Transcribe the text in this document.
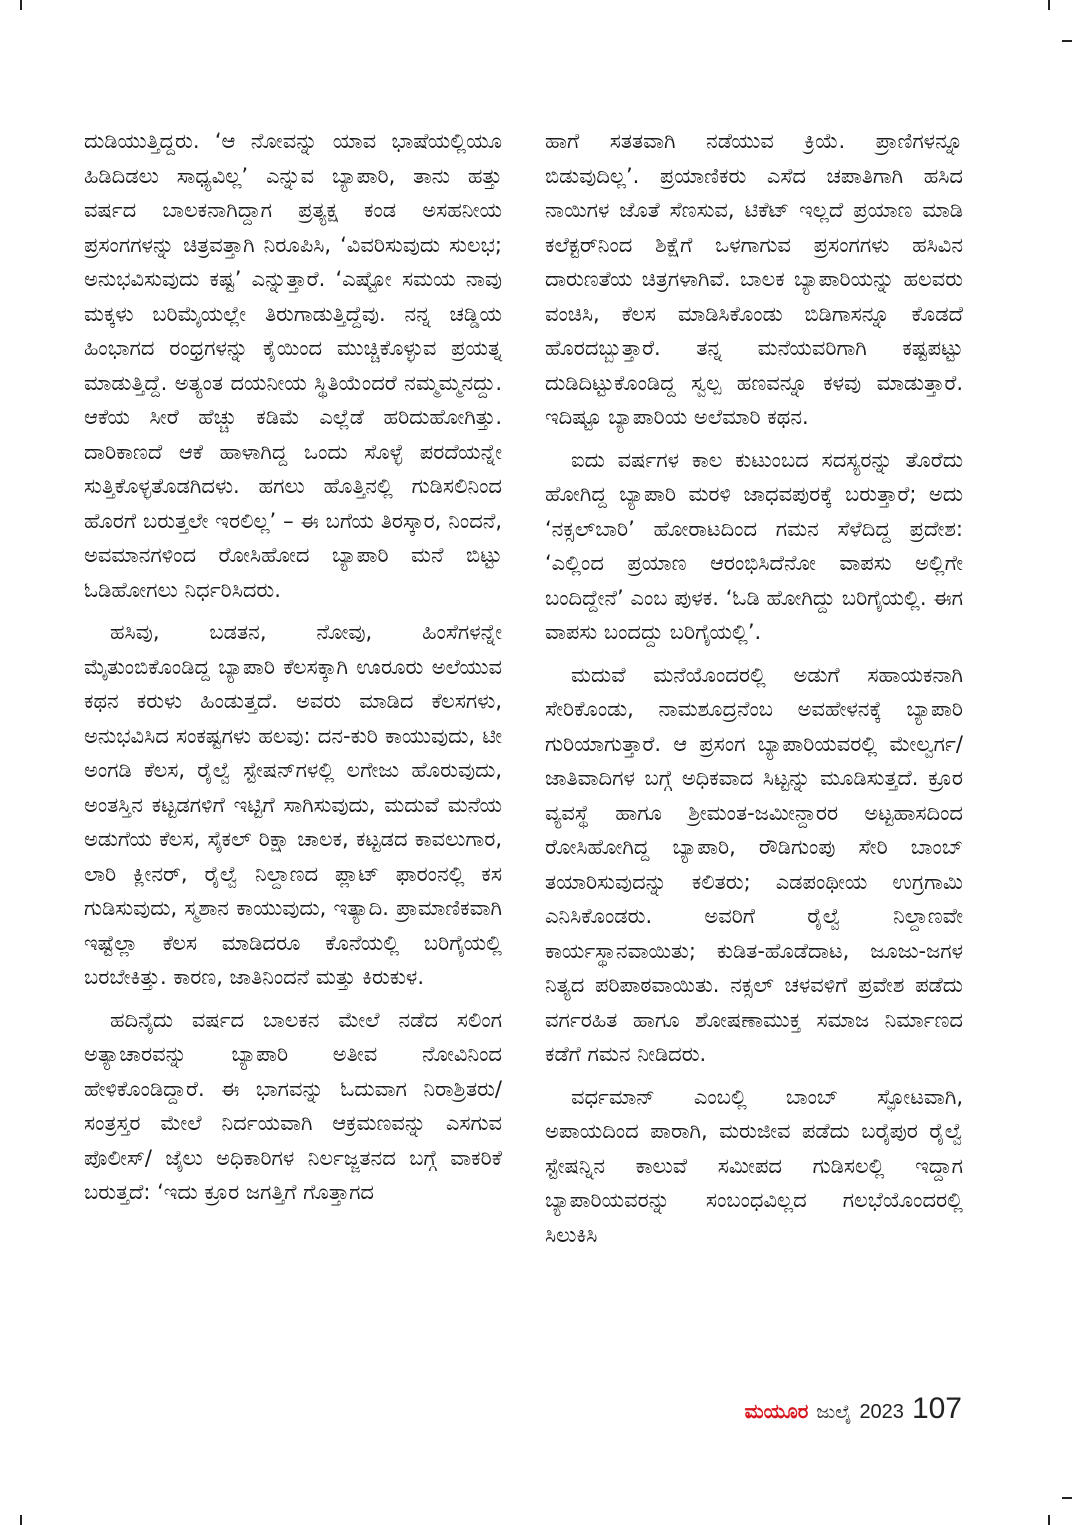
ದುಡಿಯುತ್ತಿದ್ದರು. ‘ಆ ನೋವನ್ನು ಯಾವ ಭಾಷೆಯಲ್ಲಿಯೂ ಹಿಡಿದಿಡಲು ಸಾಧ್ಯವಿಲ್ಲ’ ಎನ್ನುವ ಬ್ಯಾಪಾರಿ, ತಾನು ಹತ್ತು ವರ್ಷದ ಬಾಲಕನಾಗಿದ್ದಾಗ ಪ್ರತ್ಯಕ್ಷ ಕಂಡ ಅಸಹನೀಯ ಪ್ರಸಂಗಗಳನ್ನು ಚಿತ್ರವತ್ತಾಗಿ ನಿರೂಪಿಸಿ, ‘ವಿವರಿಸುವುದು ಸುಲಭ; ಅನುಭವಿಸುವುದು ಕಷ್ಟ’ ಎನ್ನುತ್ತಾರೆ. ‘ಎಷ್ಟೋ ಸಮಯ ನಾವು ಮಕ್ಕಳು ಬರಿಮೈಯಲ್ಲೇ ತಿರುಗಾಡುತ್ತಿದ್ದೆವು. ನನ್ನ ಚಡ್ಡಿಯ ಹಿಂಭಾಗದ ರಂಧ್ರಗಳನ್ನು ಕೈಯಿಂದ ಮುಚ್ಚಿಕೊಳ್ಳುವ ಪ್ರಯತ್ನ ಮಾಡುತ್ತಿದ್ದೆ. ಅತ್ಯಂತ ದಯನೀಯ ಸ್ಥಿತಿಯೆಂದರೆ ನಮ್ಮಮ್ಮನದ್ದು. ಆಕೆಯ ಸೀರೆ ಹೆಚ್ಚು ಕಡಿಮೆ ಎಲ್ಲೆಡೆ ಹರಿದುಹೋಗಿತ್ತು. ದಾರಿಕಾಣದೆ ಆಕೆ ಹಾಳಾಗಿದ್ದ ಒಂದು ಸೊಳ್ಳೆ ಪರದೆಯನ್ನೇ ಸುತ್ತಿಕೊಳ್ಳತೊಡಗಿದಳು. ಹಗಲು ಹೊತ್ತಿನಲ್ಲಿ ಗುಡಿಸಲಿನಿಂದ ಹೊರಗೆ ಬರುತ್ತಲೇ ಇರಲಿಲ್ಲ’ – ಈ ಬಗೆಯ ತಿರಸ್ಕಾರ, ನಿಂದನೆ, ಅವಮಾನಗಳಿಂದ ರೋಸಿಹೋದ ಬ್ಯಾಪಾರಿ ಮನೆ ಬಿಟ್ಟು ಓಡಿಹೋಗಲು ನಿರ್ಧರಿಸಿದರು.

ಹಸಿವು, ಬಡತನ, ನೋವು, ಹಿಂಸೆಗಳನ್ನೇ ಮೈತುಂಬಿಕೊಂಡಿದ್ದ ಬ್ಯಾಪಾರಿ ಕೆಲಸಕ್ಕಾಗಿ ಊರೂರು ಅಲೆಯುವ ಕಥನ ಕರುಳು ಹಿಂಡುತ್ತದೆ. ಅವರು ಮಾಡಿದ ಕೆಲಸಗಳು, ಅನುಭವಿಸಿದ ಸಂಕಷ್ಟಗಳು ಹಲವು: ದನ-ಕುರಿ ಕಾಯುವುದು, ಟೀ ಅಂಗಡಿ ಕೆಲಸ, ರೈಲ್ವೆ ಸ್ಟೇಷನ್‌ಗಳಲ್ಲಿ ಲಗೇಜು ಹೊರುವುದು, ಅಂತಸ್ತಿನ ಕಟ್ಟಡಗಳಿಗೆ ಇಟ್ಟಿಗೆ ಸಾಗಿಸುವುದು, ಮದುವೆ ಮನೆಯ ಅಡುಗೆಯ ಕೆಲಸ, ಸೈಕಲ್ ರಿಕ್ಷಾ ಚಾಲಕ, ಕಟ್ಟಡದ ಕಾವಲುಗಾರ, ಲಾರಿ ಕ್ಲೀನರ್, ರೈಲ್ವೆ ನಿಲ್ದಾಣದ ಪ್ಲಾಟ್ ಫಾರಂನಲ್ಲಿ ಕಸ ಗುಡಿಸುವುದು, ಸ್ಮಶಾನ ಕಾಯುವುದು, ಇತ್ಯಾದಿ. ಪ್ರಾಮಾಣಿಕವಾಗಿ ಇಷ್ಟೆಲ್ಲಾ ಕೆಲಸ ಮಾಡಿದರೂ ಕೊನೆಯಲ್ಲಿ ಬರಿಗೈಯಲ್ಲಿ ಬರಬೇಕಿತ್ತು. ಕಾರಣ, ಜಾತಿನಿಂದನೆ ಮತ್ತು ಕಿರುಕುಳ.

ಹದಿನೈದು ವರ್ಷದ ಬಾಲಕನ ಮೇಲೆ ನಡೆದ ಸಲಿಂಗ ಅತ್ಯಾಚಾರವನ್ನು ಬ್ಯಾಪಾರಿ ಅತೀವ ನೋವಿನಿಂದ ಹೇಳಿಕೊಂಡಿದ್ದಾರೆ. ಈ ಭಾಗವನ್ನು ಓದುವಾಗ ನಿರಾಶ್ರಿತರು/ಸಂತ್ರಸ್ತರ ಮೇಲೆ ನಿರ್ದಯವಾಗಿ ಆಕ್ರಮಣವನ್ನು ಎಸಗುವ ಪೊಲೀಸ್/ ಜೈಲು ಅಧಿಕಾರಿಗಳ ನಿರ್ಲಜ್ಜತನದ ಬಗ್ಗೆ ವಾಕರಿಕೆ ಬರುತ್ತದೆ: ‘ಇದು ಕ್ರೂರ ಜಗತ್ತಿಗೆ ಗೊತ್ತಾಗದ

ಹಾಗೆ ಸತತವಾಗಿ ನಡೆಯುವ ಕ್ರಿಯೆ. ಪ್ರಾಣಿಗಳನ್ನೂ ಬಿಡುವುದಿಲ್ಲ’. ಪ್ರಯಾಣಿಕರು ಎಸೆದ ಚಪಾತಿಗಾಗಿ ಹಸಿದ ನಾಯಿಗಳ ಜೊತೆ ಸೆಣಸುವ, ಟಿಕೆಟ್ ಇಲ್ಲದೆ ಪ್ರಯಾಣ ಮಾಡಿ ಕಲೆಕ್ಟರ್‌ನಿಂದ ಶಿಕ್ಷೆಗೆ ಒಳಗಾಗುವ ಪ್ರಸಂಗಗಳು ಹಸಿವಿನ ದಾರುಣತೆಯ ಚಿತ್ರಗಳಾಗಿವೆ. ಬಾಲಕ ಬ್ಯಾಪಾರಿಯನ್ನು ಹಲವರು ವಂಚಿಸಿ, ಕೆಲಸ ಮಾಡಿಸಿಕೊಂಡು ಬಿಡಿಗಾಸನ್ನೂ ಕೊಡದೆ ಹೊರದಬ್ಬುತ್ತಾರೆ. ತನ್ನ ಮನೆಯವರಿಗಾಗಿ ಕಷ್ಟಪಟ್ಟು ದುಡಿದಿಟ್ಟುಕೊಂಡಿದ್ದ ಸ್ವಲ್ಪ ಹಣವನ್ನೂ ಕಳವು ಮಾಡುತ್ತಾರೆ. ಇದಿಷ್ಟೂ ಬ್ಯಾಪಾರಿಯ ಅಲೆಮಾರಿ ಕಥನ.

ಐದು ವರ್ಷಗಳ ಕಾಲ ಕುಟುಂಬದ ಸದಸ್ಯರನ್ನು ತೊರೆದು ಹೋಗಿದ್ದ ಬ್ಯಾಪಾರಿ ಮರಳಿ ಜಾಧವಪುರಕ್ಕೆ ಬರುತ್ತಾರೆ; ಅದು ‘ನಕ್ಸಲ್‌ಬಾರಿ’ ಹೋರಾಟದಿಂದ ಗಮನ ಸೆಳೆದಿದ್ದ ಪ್ರದೇಶ: ‘ಎಲ್ಲಿಂದ ಪ್ರಯಾಣ ಆರಂಭಿಸಿದೆನೋ ವಾಪಸು ಅಲ್ಲಿಗೇ ಬಂದಿದ್ದೇನೆ’ ಎಂಬ ಪುಳಕ. ‘ಓಡಿ ಹೋಗಿದ್ದು ಬರಿಗೈಯಲ್ಲಿ. ಈಗ ವಾಪಸು ಬಂದದ್ದು ಬರಿಗೈಯಲ್ಲಿ’.

ಮದುವೆ ಮನೆಯೊಂದರಲ್ಲಿ ಅಡುಗೆ ಸಹಾಯಕನಾಗಿ ಸೇರಿಕೊಂಡು, ನಾಮಶೂದ್ರನೆಂಬ ಅವಹೇಳನಕ್ಕೆ ಬ್ಯಾಪಾರಿ ಗುರಿಯಾಗುತ್ತಾರೆ. ಆ ಪ್ರಸಂಗ ಬ್ಯಾಪಾರಿಯವರಲ್ಲಿ ಮೇಲ್ವರ್ಗ/ಜಾತಿವಾದಿಗಳ ಬಗ್ಗೆ ಅಧಿಕವಾದ ಸಿಟ್ಟನ್ನು ಮೂಡಿಸುತ್ತದೆ. ಕ್ರೂರ ವ್ಯವಸ್ಥೆ ಹಾಗೂ ಶ್ರೀಮಂತ-ಜಮೀನ್ದಾರರ ಅಟ್ಟಹಾಸದಿಂದ ರೋಸಿಹೋಗಿದ್ದ ಬ್ಯಾಪಾರಿ, ರೌಡಿಗುಂಪು ಸೇರಿ ಬಾಂಬ್ ತಯಾರಿಸುವುದನ್ನು ಕಲಿತರು; ಎಡಪಂಥೀಯ ಉಗ್ರಗಾಮಿ ಎನಿಸಿಕೊಂಡರು. ಅವರಿಗೆ ರೈಲ್ವೆ ನಿಲ್ದಾಣವೇ ಕಾರ್ಯಸ್ಥಾನವಾಯಿತು; ಕುಡಿತ-ಹೊಡೆದಾಟ, ಜೂಜು-ಜಗಳ ನಿತ್ಯದ ಪರಿಪಾಠವಾಯಿತು. ನಕ್ಸಲ್ ಚಳವಳಿಗೆ ಪ್ರವೇಶ ಪಡೆದು ವರ್ಗರಹಿತ ಹಾಗೂ ಶೋಷಣಾಮುಕ್ತ ಸಮಾಜ ನಿರ್ಮಾಣದ ಕಡೆಗೆ ಗಮನ ನೀಡಿದರು.

ವರ್ಧಮಾನ್ ಎಂಬಲ್ಲಿ ಬಾಂಬ್ ಸ್ಫೋಟವಾಗಿ, ಅಪಾಯದಿಂದ ಪಾರಾಗಿ, ಮರುಜೀವ ಪಡೆದು ಬರೈಪುರ ರೈಲ್ವೆ ಸ್ಟೇಷನ್ನಿನ ಕಾಲುವೆ ಸಮೀಪದ ಗುಡಿಸಲಲ್ಲಿ ಇದ್ದಾಗ ಬ್ಯಾಪಾರಿಯವರನ್ನು ಸಂಬಂಧವಿಲ್ಲದ ಗಲಭೆಯೊಂದರಲ್ಲಿ ಸಿಲುಕಿಸಿ

ಮಯೂರ ಜುಲೈ 2023 107
